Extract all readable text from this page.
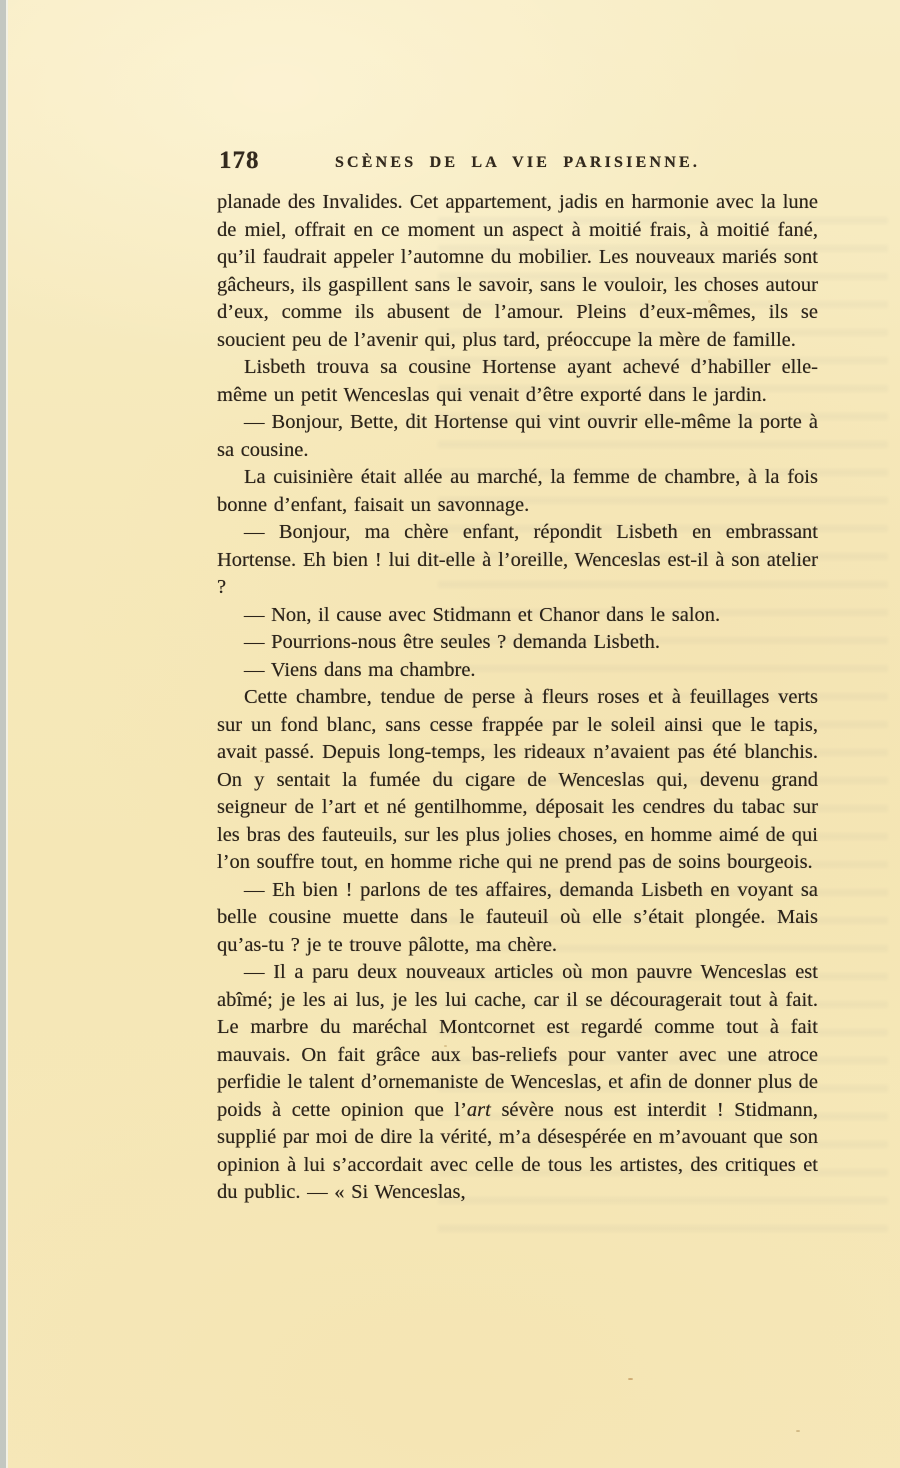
178	SCÈNES DE LA VIE PARISIENNE.

planade des Invalides. Cet appartement, jadis en harmonie avec la lune de miel, offrait en ce moment un aspect à moitié frais, à moitié fané, qu’il faudrait appeler l’automne du mobilier. Les nouveaux mariés sont gâcheurs, ils gaspillent sans le savoir, sans le vouloir, les choses autour d’eux, comme ils abusent de l’amour. Pleins d’eux-mêmes, ils se soucient peu de l’avenir qui, plus tard, préoccupe la mère de famille.

Lisbeth trouva sa cousine Hortense ayant achevé d’habiller elle-même un petit Wenceslas qui venait d’être exporté dans le jardin.

— Bonjour, Bette, dit Hortense qui vint ouvrir elle-même la porte à sa cousine.

La cuisinière était allée au marché, la femme de chambre, à la fois bonne d’enfant, faisait un savonnage.

— Bonjour, ma chère enfant, répondit Lisbeth en embrassant Hortense. Eh bien ! lui dit-elle à l’oreille, Wenceslas est-il à son atelier ?

— Non, il cause avec Stidmann et Chanor dans le salon.

— Pourrions-nous être seules ? demanda Lisbeth.

— Viens dans ma chambre.

Cette chambre, tendue de perse à fleurs roses et à feuillages verts sur un fond blanc, sans cesse frappée par le soleil ainsi que le tapis, avait passé. Depuis long-temps, les rideaux n’avaient pas été blanchis. On y sentait la fumée du cigare de Wenceslas qui, devenu grand seigneur de l’art et né gentilhomme, déposait les cendres du tabac sur les bras des fauteuils, sur les plus jolies choses, en homme aimé de qui l’on souffre tout, en homme riche qui ne prend pas de soins bourgeois.

— Eh bien ! parlons de tes affaires, demanda Lisbeth en voyant sa belle cousine muette dans le fauteuil où elle s’était plongée. Mais qu’as-tu ? je te trouve pâlotte, ma chère.

— Il a paru deux nouveaux articles où mon pauvre Wenceslas est abîmé; je les ai lus, je les lui cache, car il se découragerait tout à fait. Le marbre du maréchal Montcornet est regardé comme tout à fait mauvais. On fait grâce aux bas-reliefs pour vanter avec une atroce perfidie le talent d’ornemaniste de Wenceslas, et afin de donner plus de poids à cette opinion que l’art sévère nous est interdit ! Stidmann, supplié par moi de dire la vérité, m’a désespérée en m’avouant que son opinion à lui s’accordait avec celle de tous les artistes, des critiques et du public. — « Si Wenceslas,
